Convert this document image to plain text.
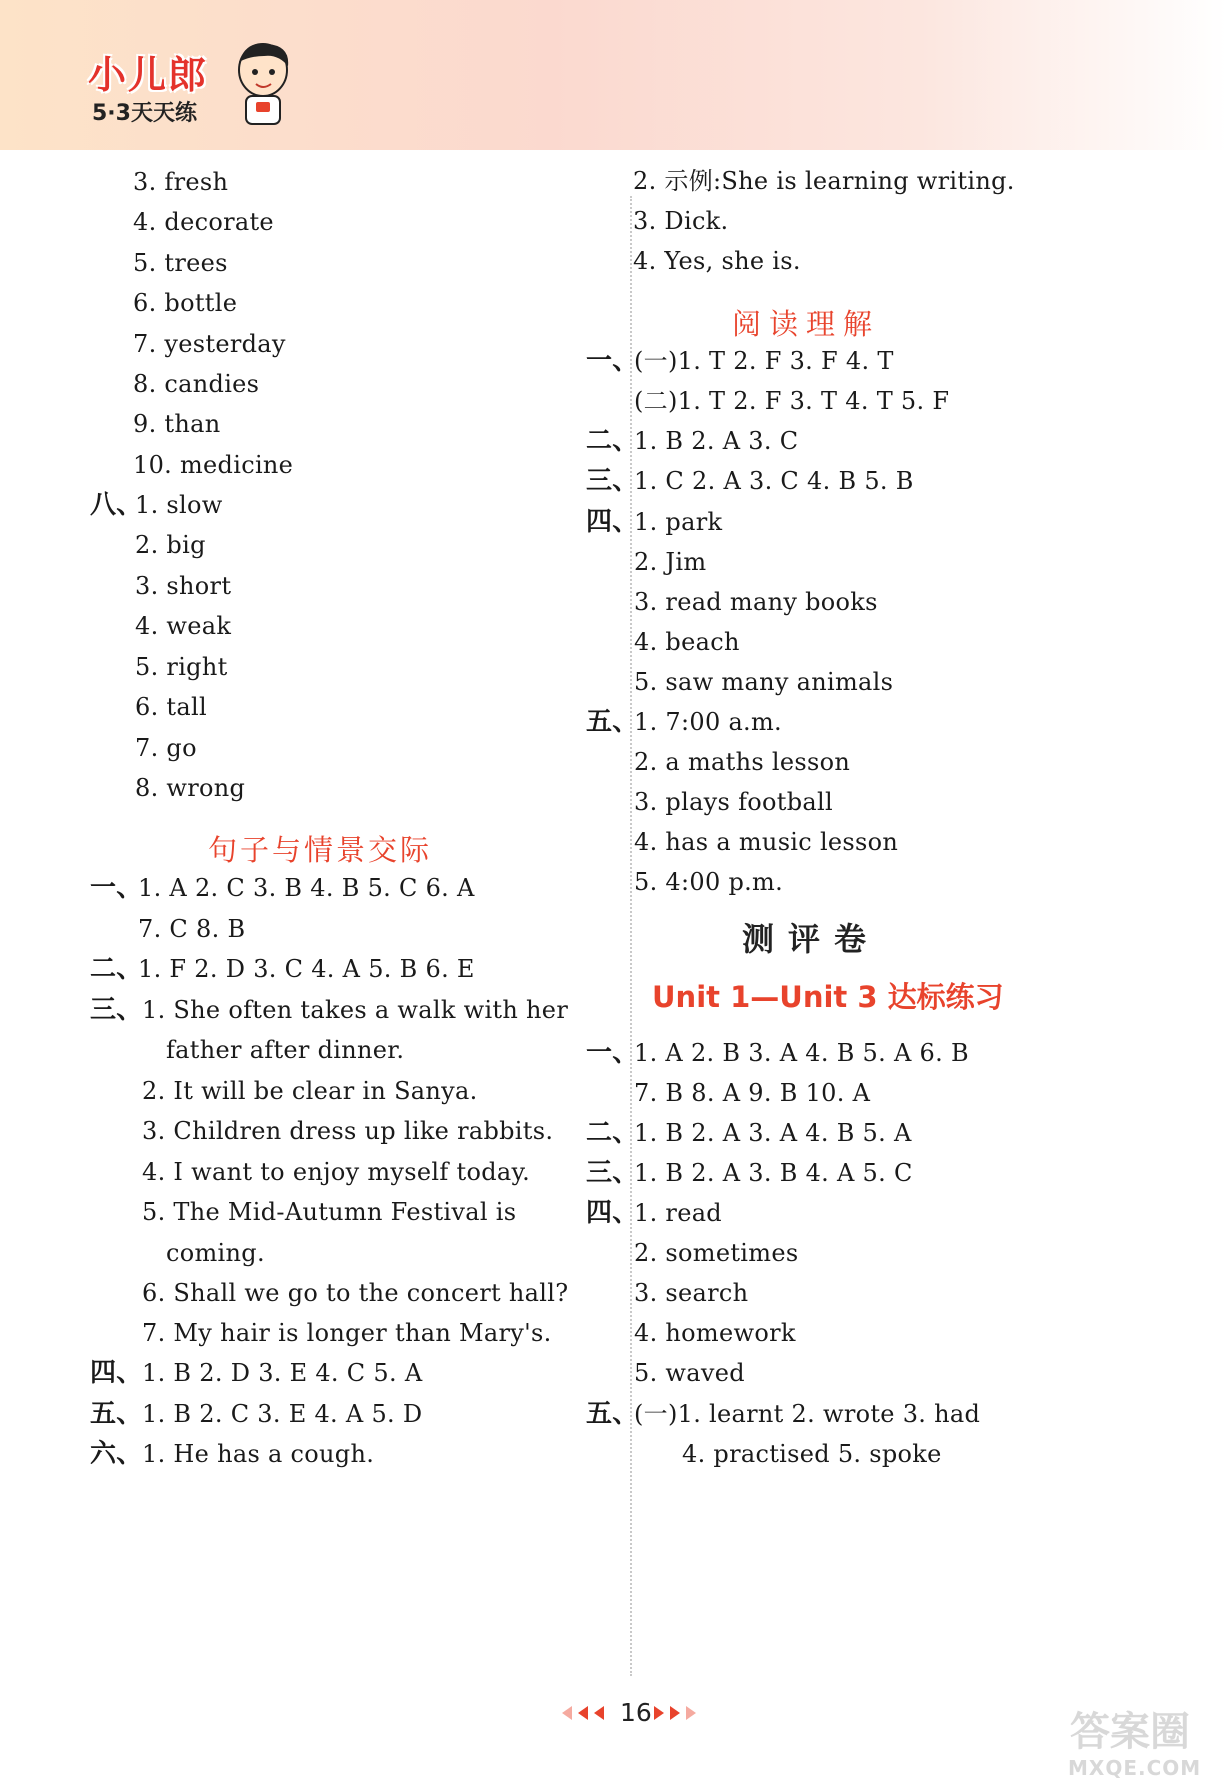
小儿郎
5·3天天练
3. fresh
4. decorate
5. trees
6. bottle
7. yesterday
8. candies
9. than
10. medicine
八、
1. slow
2. big
3. short
4. weak
5. right
6. tall
7. go
8. wrong
句子与情景交际
一、
1. A 2. C 3. B 4. B 5. C 6. A
7. C 8. B
二、
1. F 2. D 3. C 4. A 5. B 6. E
三、 1. She often takes a walk with her
father after dinner.
2. It will be clear in Sanya.
3. Children dress up like rabbits.
4. I want to enjoy myself today.
5. The Mid-Autumn Festival is
coming.
6. Shall we go to the concert hall?
7. My hair is longer than Mary's.
四、 1. B 2. D 3. E 4. C 5. A
五、 1. B 2. C 3. E 4. A 5. D
六、 1. He has a cough.
2. 示例:She is learning writing.
3. Dick.
4. Yes, she is.
阅读理解
一、
(一)1. T 2. F 3. F 4. T
(二)1. T 2. F 3. T 4. T 5. F
二、
1. B 2. A 3. C
三、
1. C 2. A 3. C 4. B 5. B
四、
1. park
2. Jim
3. read many books
4. beach
5. saw many animals
五、
1. 7:00 a.m.
2. a maths lesson
3. plays football
4. has a music lesson
5. 4:00 p.m.
测评卷
Unit 1—Unit 3 达标练习
一、
1. A 2. B 3. A 4. B 5. A 6. B
7. B 8. A 9. B 10. A
二、
1. B 2. A 3. A 4. B 5. A
三、
1. B 2. A 3. B 4. A 5. C
四、
1. read
2. sometimes
3. search
4. homework
5. waved
五、
(一)1. learnt 2. wrote 3. had
4. practised 5. spoke
16	答案圈
MXQE.COM
